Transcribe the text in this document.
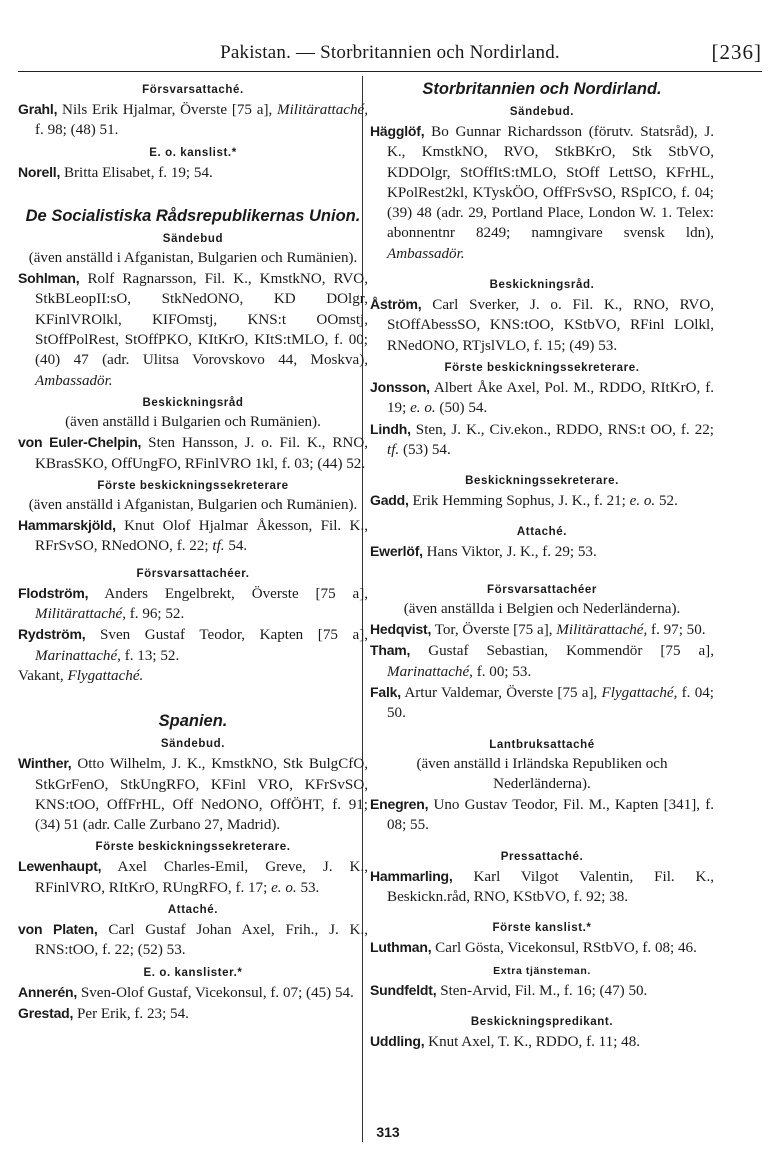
Pakistan. — Storbritannien och Nordirland.	[236]
Försvarsattaché.
Grahl, Nils Erik Hjalmar, Överste [75 a], Militärattaché, f. 98; (48) 51.
E. o. kanslist.*
Norell, Britta Elisabet, f. 19; 54.
De Socialistiska Rådsrepublikernas Union.
Sändebud
(även anställd i Afganistan, Bulgarien och Rumänien).
Sohlman, Rolf Ragnarsson, Fil. K., KmstkNO, RVO, StkBLeopII:sO, StkNedONO, KD DOlgr, KFinlVROlkl, KIFOmstj, KNS:t OOmstj, StOffPolRest, StOffPKO, KItKrO, KItS:tMLO, f. 00; (40) 47 (adr. Ulitsa Vorovskovo 44, Moskva), Ambassadör.
Beskickningsråd
(även anställd i Bulgarien och Rumänien).
von Euler-Chelpin, Sten Hansson, J. o. Fil. K., RNO, KBrasSKO, OffUngFO, RFinlVRO 1kl, f. 03; (44) 52.
Förste beskickningssekreterare
(även anställd i Afganistan, Bulgarien och Rumänien).
Hammarskjöld, Knut Olof Hjalmar Åkesson, Fil. K., RFrSvSO, RNedONO, f. 22; tf. 54.
Försvarsattachéer.
Flodström, Anders Engelbrekt, Överste [75 a], Militärattaché, f. 96; 52.
Rydström, Sven Gustaf Teodor, Kapten [75 a], Marinattaché, f. 13; 52.
Vakant, Flygattaché.
Spanien.
Sändebud.
Winther, Otto Wilhelm, J. K., KmstkNO, Stk BulgCfO, StkGrFenO, StkUngRFO, KFinl VRO, KFrSvSO, KNS:tOO, OffFrHL, Off NedONO, OffÖHT, f. 91; (34) 51 (adr. Calle Zurbano 27, Madrid).
Förste beskickningssekreterare.
Lewenhaupt, Axel Charles-Emil, Greve, J. K., RFinlVRO, RItKrO, RUngRFO, f. 17; e. o. 53.
Attaché.
von Platen, Carl Gustaf Johan Axel, Frih., J. K., RNS:tOO, f. 22; (52) 53.
E. o. kanslister.*
Annerén, Sven-Olof Gustaf, Vicekonsul, f. 07; (45) 54.
Grestad, Per Erik, f. 23; 54.
Storbritannien och Nordirland.
Sändebud.
Hägglöf, Bo Gunnar Richardsson (förutv. Statsråd), J. K., KmstkNO, RVO, StkBKrO, Stk StbVO, KDDOlgr, StOffItS:tMLO, StOff LettSO, KFrHL, KPolRest2kl, KTyskÖO, OffFrSvSO, RSpICO, f. 04; (39) 48 (adr. 29, Portland Place, London W. 1. Telex: abonnentnr 8249; namngivare svensk ldn), Ambassadör.
Beskickningsråd.
Åström, Carl Sverker, J. o. Fil. K., RNO, RVO, StOffAbessSO, KNS:tOO, KStbVO, RFinl LOlkl, RNedONO, RTjslVLO, f. 15; (49) 53.
Förste beskickningssekreterare.
Jonsson, Albert Åke Axel, Pol. M., RDDO, RItKrO, f. 19; e. o. (50) 54.
Lindh, Sten, J. K., Civ.ekon., RDDO, RNS:t OO, f. 22; tf. (53) 54.
Beskickningssekreterare.
Gadd, Erik Hemming Sophus, J. K., f. 21; e. o. 52.
Attaché.
Ewerlöf, Hans Viktor, J. K., f. 29; 53.
Försvarsattachéer
(även anställda i Belgien och Nederländerna).
Hedqvist, Tor, Överste [75 a], Militärattaché, f. 97; 50.
Tham, Gustaf Sebastian, Kommendör [75 a], Marinattaché, f. 00; 53.
Falk, Artur Valdemar, Överste [75 a], Flygattaché, f. 04; 50.
Lantbruksattaché
(även anställd i Irländska Republiken och Nederländerna).
Enegren, Uno Gustav Teodor, Fil. M., Kapten [341], f. 08; 55.
Pressattaché.
Hammarling, Karl Vilgot Valentin, Fil. K., Beskickn.råd, RNO, KStbVO, f. 92; 38.
Förste kanslist.*
Luthman, Carl Gösta, Vicekonsul, RStbVO, f. 08; 46.
Extra tjänsteman.
Sundfeldt, Sten-Arvid, Fil. M., f. 16; (47) 50.
Beskickningspredikant.
Uddling, Knut Axel, T. K., RDDO, f. 11; 48.
313
